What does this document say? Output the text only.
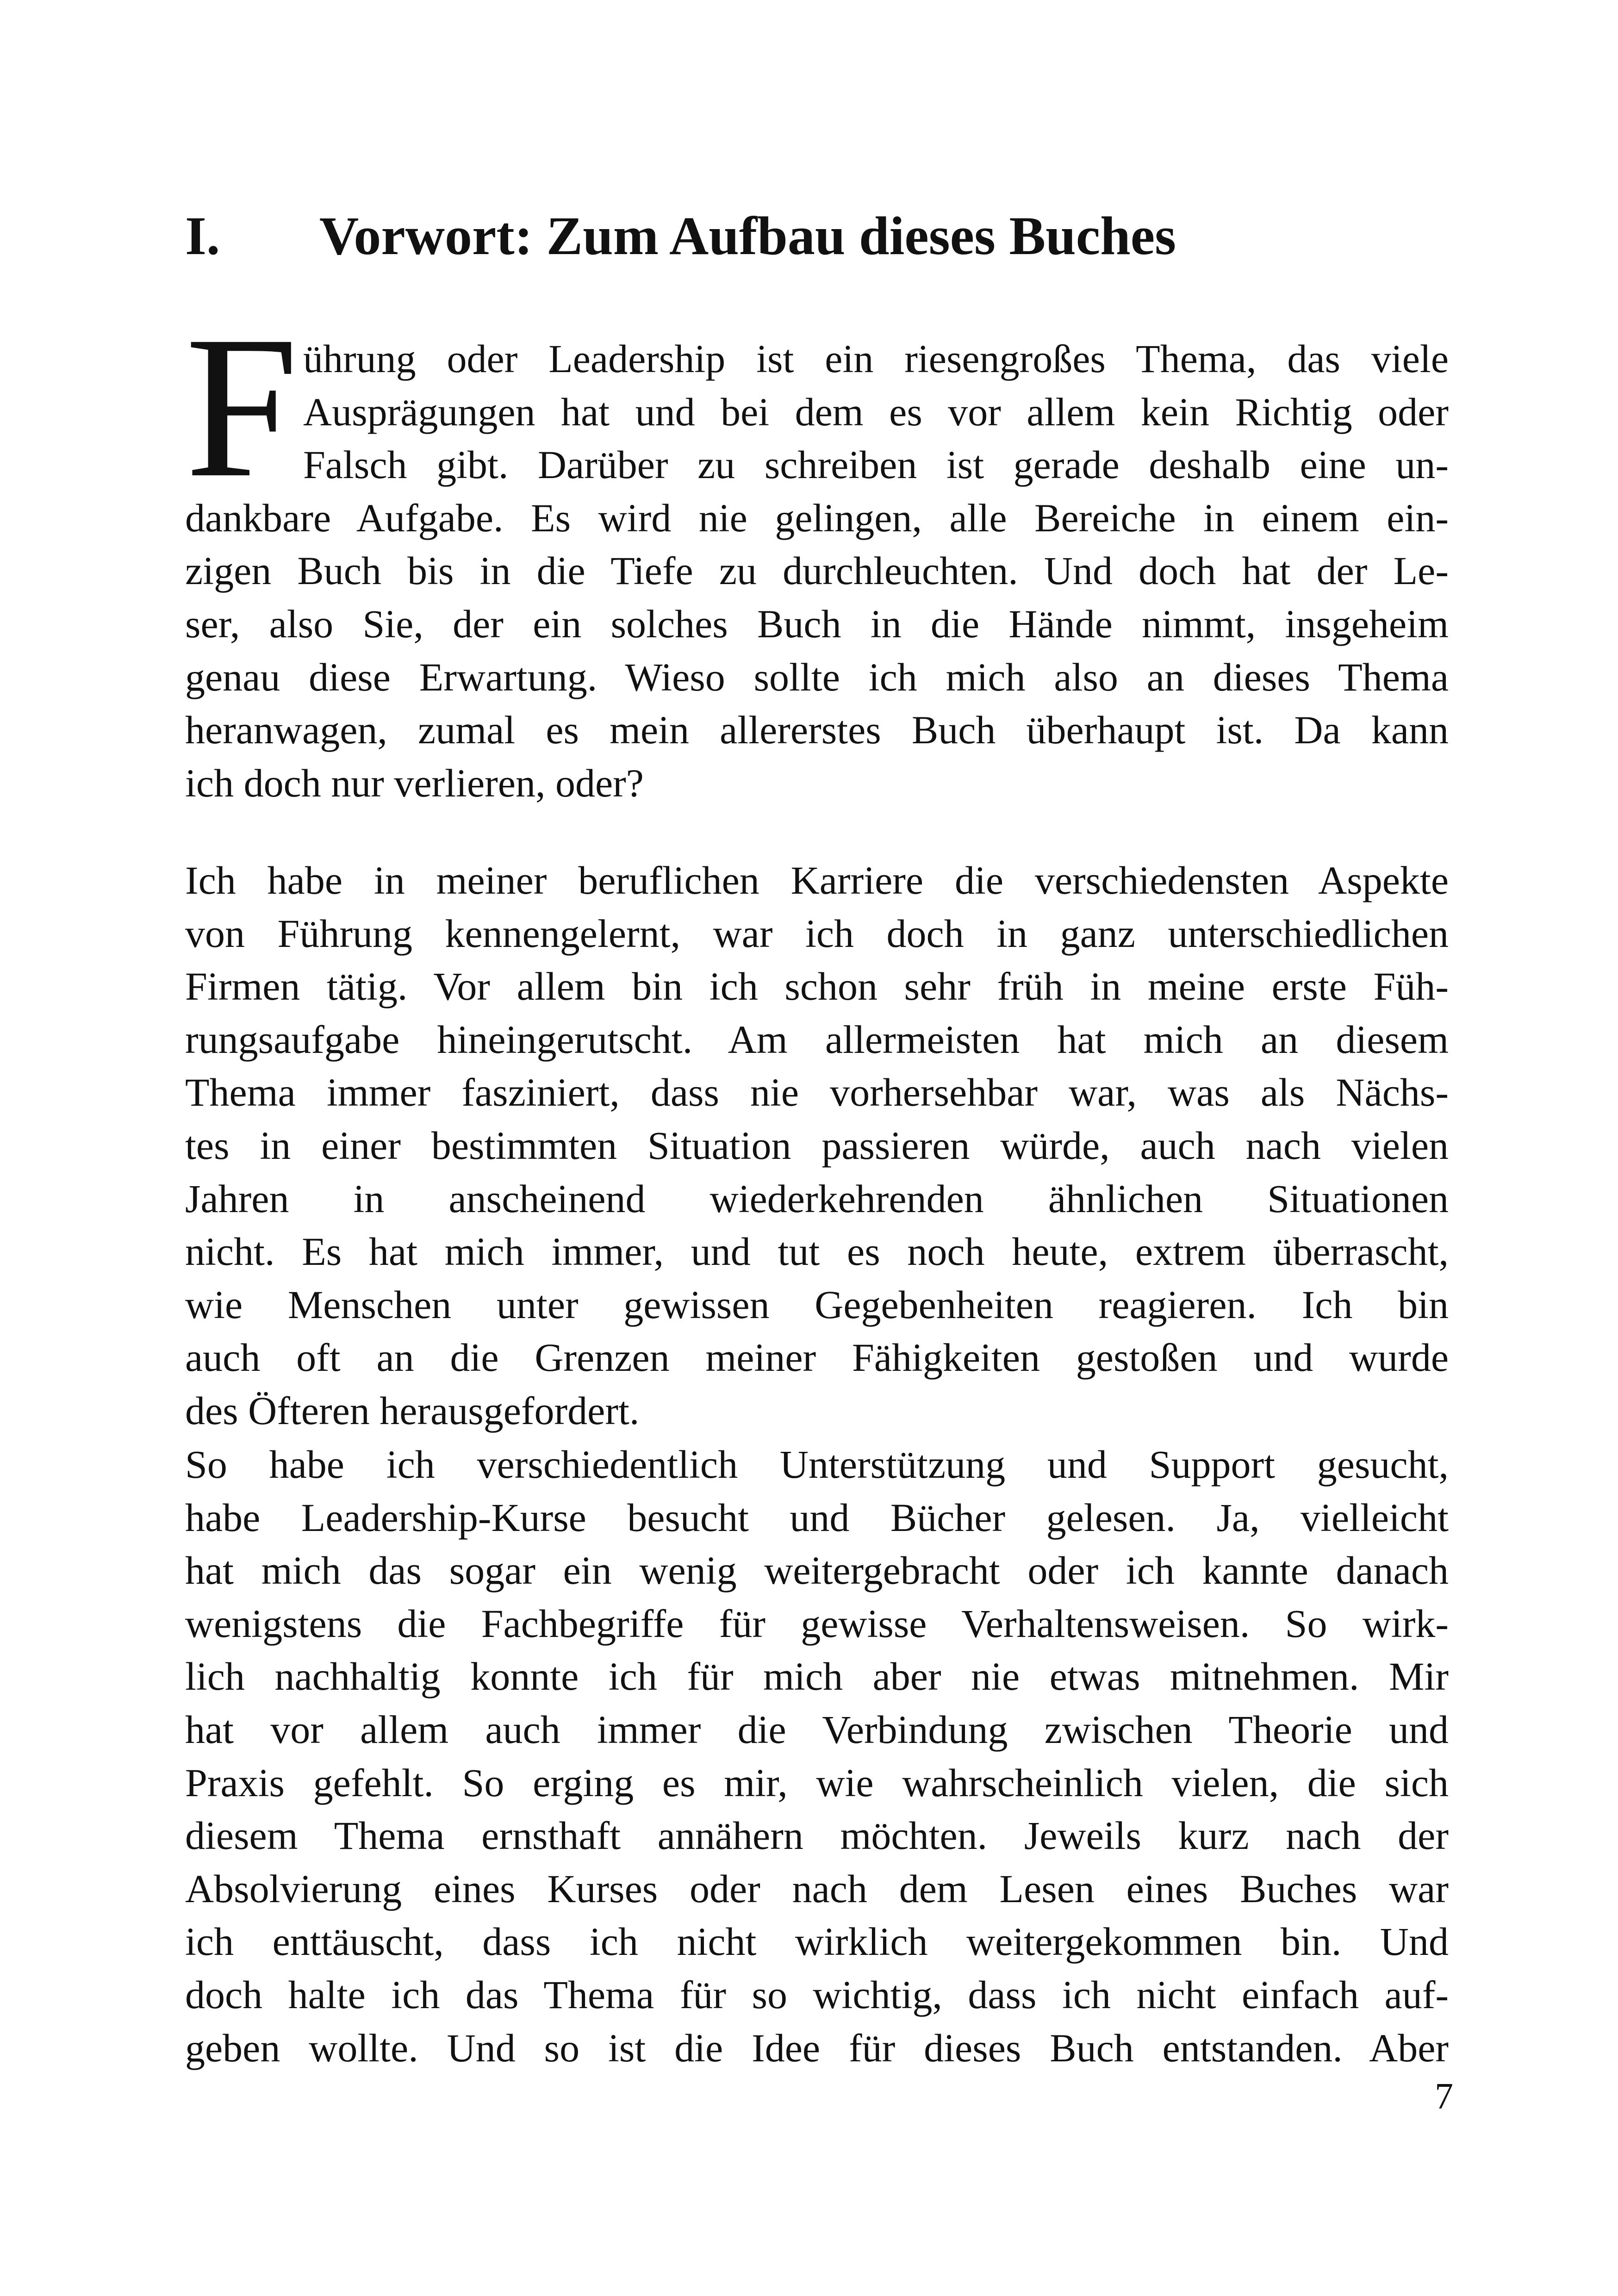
I. Vorwort: Zum Aufbau dieses Buches
F ührung oder Leadership ist ein riesengroßes Thema, das viele
Ausprägungen hat und bei dem es vor allem kein Richtig oder
Falsch gibt. Darüber zu schreiben ist gerade deshalb eine un-
dankbare Aufgabe. Es wird nie gelingen, alle Bereiche in einem ein-
zigen Buch bis in die Tiefe zu durchleuchten. Und doch hat der Le-
ser, also Sie, der ein solches Buch in die Hände nimmt, insgeheim
genau diese Erwartung. Wieso sollte ich mich also an dieses Thema
heranwagen, zumal es mein allererstes Buch überhaupt ist. Da kann
ich doch nur verlieren, oder?
Ich habe in meiner beruflichen Karriere die verschiedensten Aspekte
von Führung kennengelernt, war ich doch in ganz unterschiedlichen
Firmen tätig. Vor allem bin ich schon sehr früh in meine erste Füh-
rungsaufgabe hineingerutscht. Am allermeisten hat mich an diesem
Thema immer fasziniert, dass nie vorhersehbar war, was als Nächs-
tes in einer bestimmten Situation passieren würde, auch nach vielen
Jahren in anscheinend wiederkehrenden ähnlichen Situationen
nicht. Es hat mich immer, und tut es noch heute, extrem überrascht,
wie Menschen unter gewissen Gegebenheiten reagieren. Ich bin
auch oft an die Grenzen meiner Fähigkeiten gestoßen und wurde
des Öfteren herausgefordert.
So habe ich verschiedentlich Unterstützung und Support gesucht,
habe Leadership-Kurse besucht und Bücher gelesen. Ja, vielleicht
hat mich das sogar ein wenig weitergebracht oder ich kannte danach
wenigstens die Fachbegriffe für gewisse Verhaltensweisen. So wirk-
lich nachhaltig konnte ich für mich aber nie etwas mitnehmen. Mir
hat vor allem auch immer die Verbindung zwischen Theorie und
Praxis gefehlt. So erging es mir, wie wahrscheinlich vielen, die sich
diesem Thema ernsthaft annähern möchten. Jeweils kurz nach der
Absolvierung eines Kurses oder nach dem Lesen eines Buches war
ich enttäuscht, dass ich nicht wirklich weitergekommen bin. Und
doch halte ich das Thema für so wichtig, dass ich nicht einfach auf-
geben wollte. Und so ist die Idee für dieses Buch entstanden. Aber
7
